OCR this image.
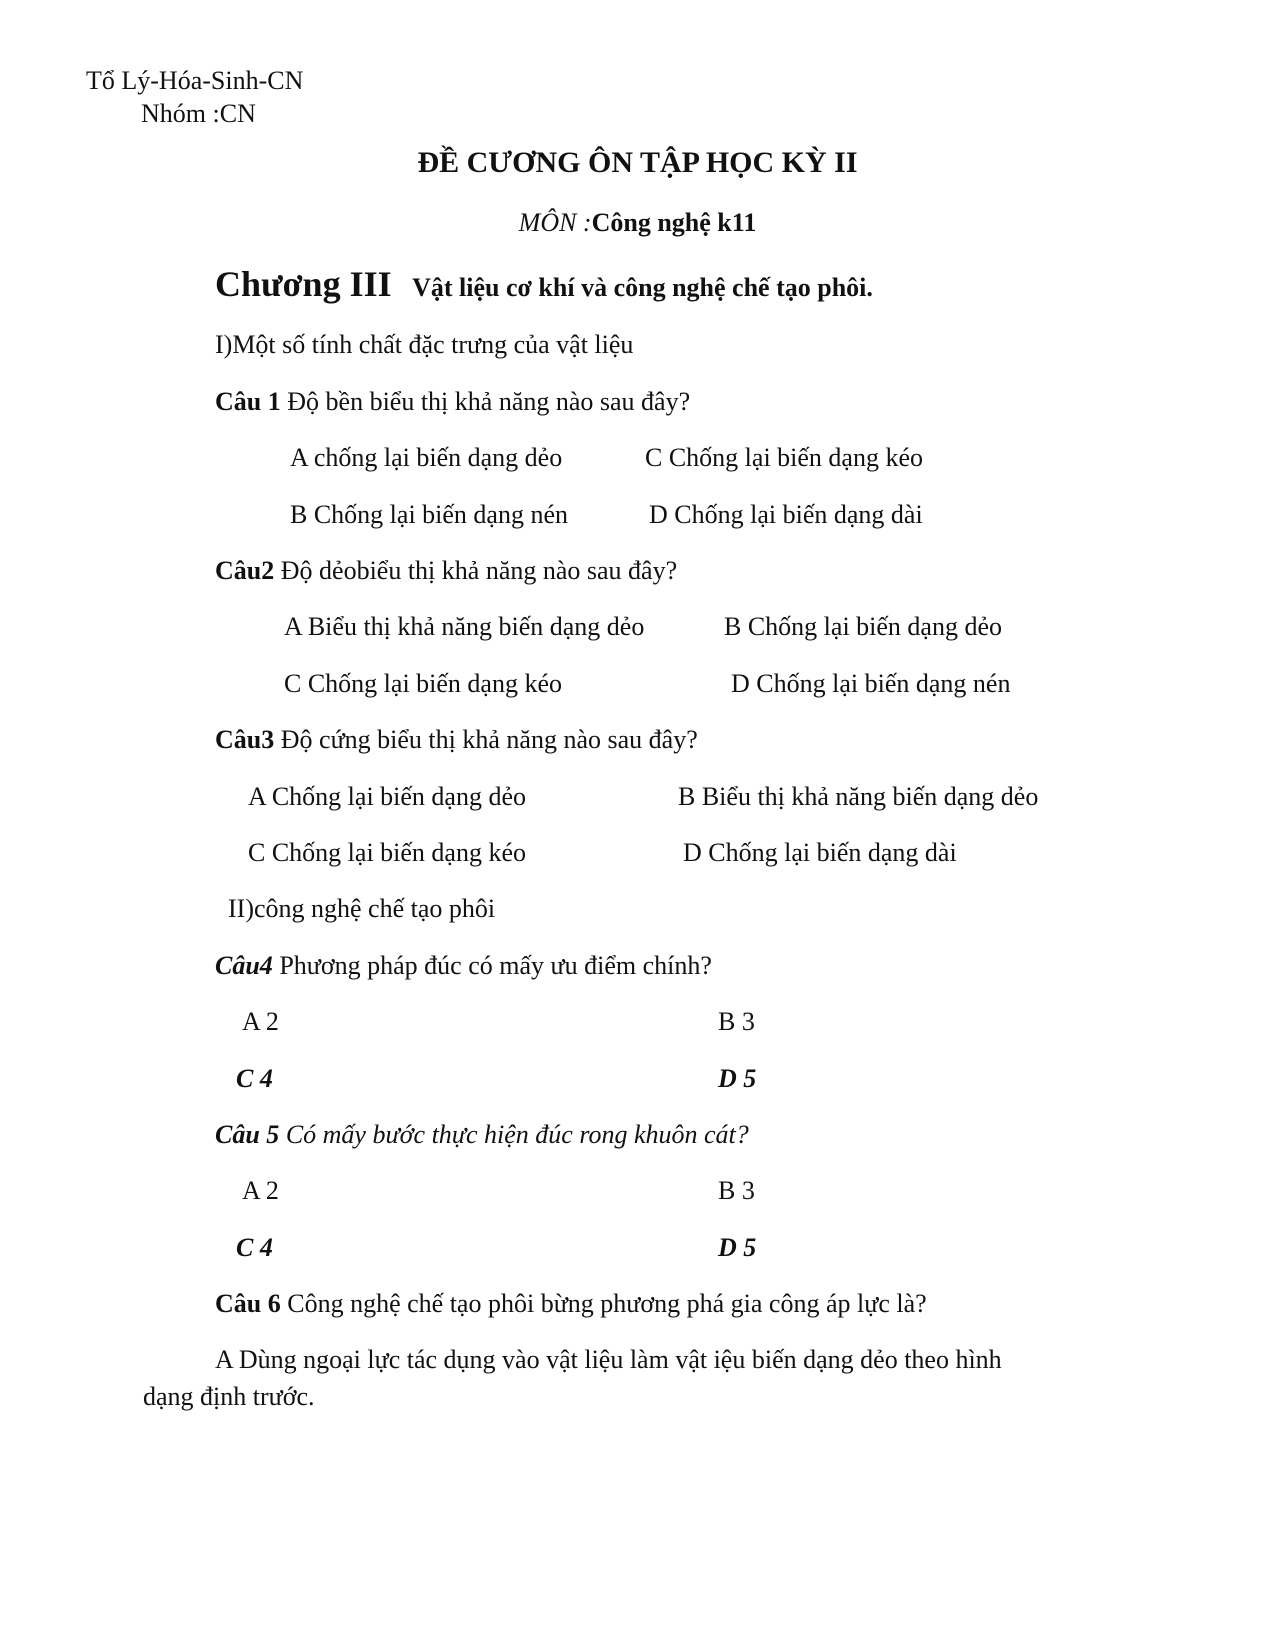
Tổ Lý-Hóa-Sinh-CN
Nhóm :CN
ĐỀ CƯƠNG ÔN TẬP HỌC KỲ II
MÔN :Công nghệ k11
Chương III Vật liệu cơ khí và công nghệ chế tạo phôi.
I)Một số tính chất đặc trưng của vật liệu
Câu 1 Độ bền biểu thị khả năng nào sau đây?
A chống lại biến dạng dẻo	C Chống lại biến dạng kéo
B Chống lại biến dạng nén	D Chống lại biến dạng dài
Câu2 Độ dẻobiểu thị khả năng nào sau đây?
A Biểu thị khả năng biến dạng dẻo	B Chống lại biến dạng dẻo
C Chống lại biến dạng kéo	D Chống lại biến dạng nén
Câu3 Độ cứng biểu thị khả năng nào sau đây?
A Chống lại biến dạng dẻo	B Biểu thị khả năng biến dạng dẻo
C Chống lại biến dạng kéo	D Chống lại biến dạng dài
II)công nghệ chế tạo phôi
Câu4 Phương pháp đúc có mấy ưu điểm chính?
A 2	B 3
C 4	D 5
Câu 5 Có mấy bước thực hiện đúc rong khuôn cát?
A 2	B 3
C 4	D 5
Câu 6 Công nghệ chế tạo phôi bừng phương phá gia công áp lực là?
A Dùng ngoại lực tác dụng vào vật liệu làm vật iệu biến dạng dẻo theo hình
dạng định trước.
